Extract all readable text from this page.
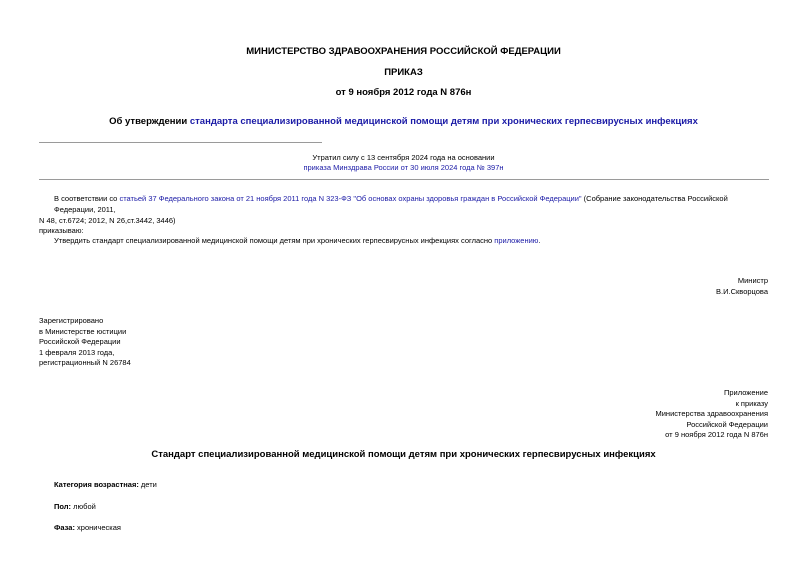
МИНИСТЕРСТВО ЗДРАВООХРАНЕНИЯ РОССИЙСКОЙ ФЕДЕРАЦИИ
ПРИКАЗ
от 9 ноября 2012 года N 876н
Об утверждении стандарта специализированной медицинской помощи детям при хронических герпесвирусных инфекциях
Утратил силу с 13 сентября 2024 года на основании
приказа Минздрава России от 30 июля 2024 года № 397н
В соответствии со статьей 37 Федерального закона от 21 ноября 2011 года N 323-ФЗ "Об основах охраны здоровья граждан в Российской Федерации" (Собрание законодательства Российской Федерации, 2011,
N 48, ст.6724; 2012, N 26,ст.3442, 3446)
приказываю:
Утвердить стандарт специализированной медицинской помощи детям при хронических герпесвирусных инфекциях согласно приложению.
Министр
В.И.Скворцова
Зарегистрировано
в Министерстве юстиции
Российской Федерации
1 февраля 2013 года,
регистрационный N 26784
Приложение
к приказу
Министерства здравоохранения
Российской Федерации
от 9 ноября 2012 года N 876н
Стандарт специализированной медицинской помощи детям при хронических герпесвирусных инфекциях
Категория возрастная: дети
Пол: любой
Фаза: хроническая
